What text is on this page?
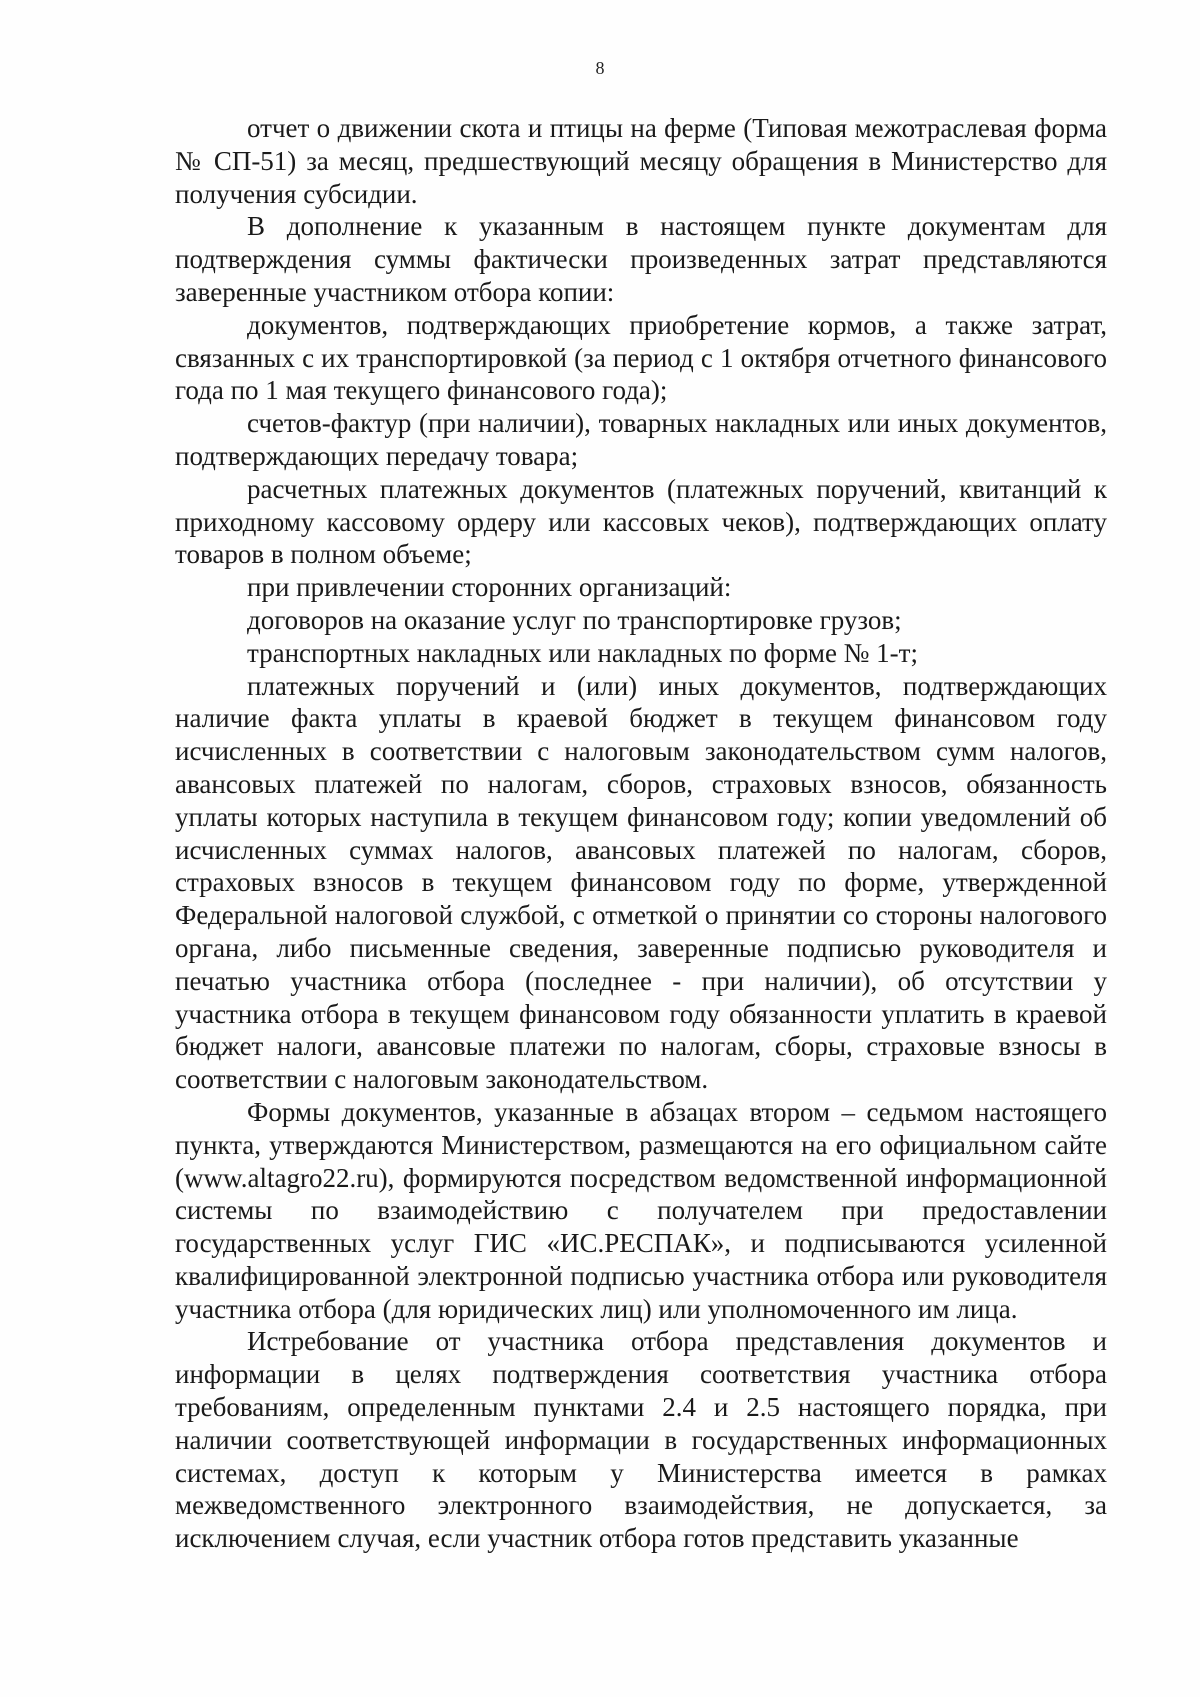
8

отчет о движении скота и птицы на ферме (Типовая межотраслевая форма № СП-51) за месяц, предшествующий месяцу обращения в Министерство для получения субсидии.

В дополнение к указанным в настоящем пункте документам для подтверждения суммы фактически произведенных затрат представляются заверенные участником отбора копии:

документов, подтверждающих приобретение кормов, а также затрат, связанных с их транспортировкой (за период с 1 октября отчетного финансового года по 1 мая текущего финансового года);

счетов-фактур (при наличии), товарных накладных или иных документов, подтверждающих передачу товара;

расчетных платежных документов (платежных поручений, квитанций к приходному кассовому ордеру или кассовых чеков), подтверждающих оплату товаров в полном объеме;

при привлечении сторонних организаций:

договоров на оказание услуг по транспортировке грузов;

транспортных накладных или накладных по форме № 1-т;

платежных поручений и (или) иных документов, подтверждающих наличие факта уплаты в краевой бюджет в текущем финансовом году исчисленных в соответствии с налоговым законодательством сумм налогов, авансовых платежей по налогам, сборов, страховых взносов, обязанность уплаты которых наступила в текущем финансовом году; копии уведомлений об исчисленных суммах налогов, авансовых платежей по налогам, сборов, страховых взносов в текущем финансовом году по форме, утвержденной Федеральной налоговой службой, с отметкой о принятии со стороны налогового органа, либо письменные сведения, заверенные подписью руководителя и печатью участника отбора (последнее - при наличии), об отсутствии у участника отбора в текущем финансовом году обязанности уплатить в краевой бюджет налоги, авансовые платежи по налогам, сборы, страховые взносы в соответствии с налоговым законодательством.

Формы документов, указанные в абзацах втором – седьмом настоящего пункта, утверждаются Министерством, размещаются на его официальном сайте (www.altagro22.ru), формируются посредством ведомственной информационной системы по взаимодействию с получателем при предоставлении государственных услуг ГИС «ИС.РЕСПАК», и подписываются усиленной квалифицированной электронной подписью участника отбора или руководителя участника отбора (для юридических лиц) или уполномоченного им лица.

Истребование от участника отбора представления документов и информации в целях подтверждения соответствия участника отбора требованиям, определенным пунктами 2.4 и 2.5 настоящего порядка, при наличии соответствующей информации в государственных информационных системах, доступ к которым у Министерства имеется в рамках межведомственного электронного взаимодействия, не допускается, за исключением случая, если участник отбора готов представить указанные
